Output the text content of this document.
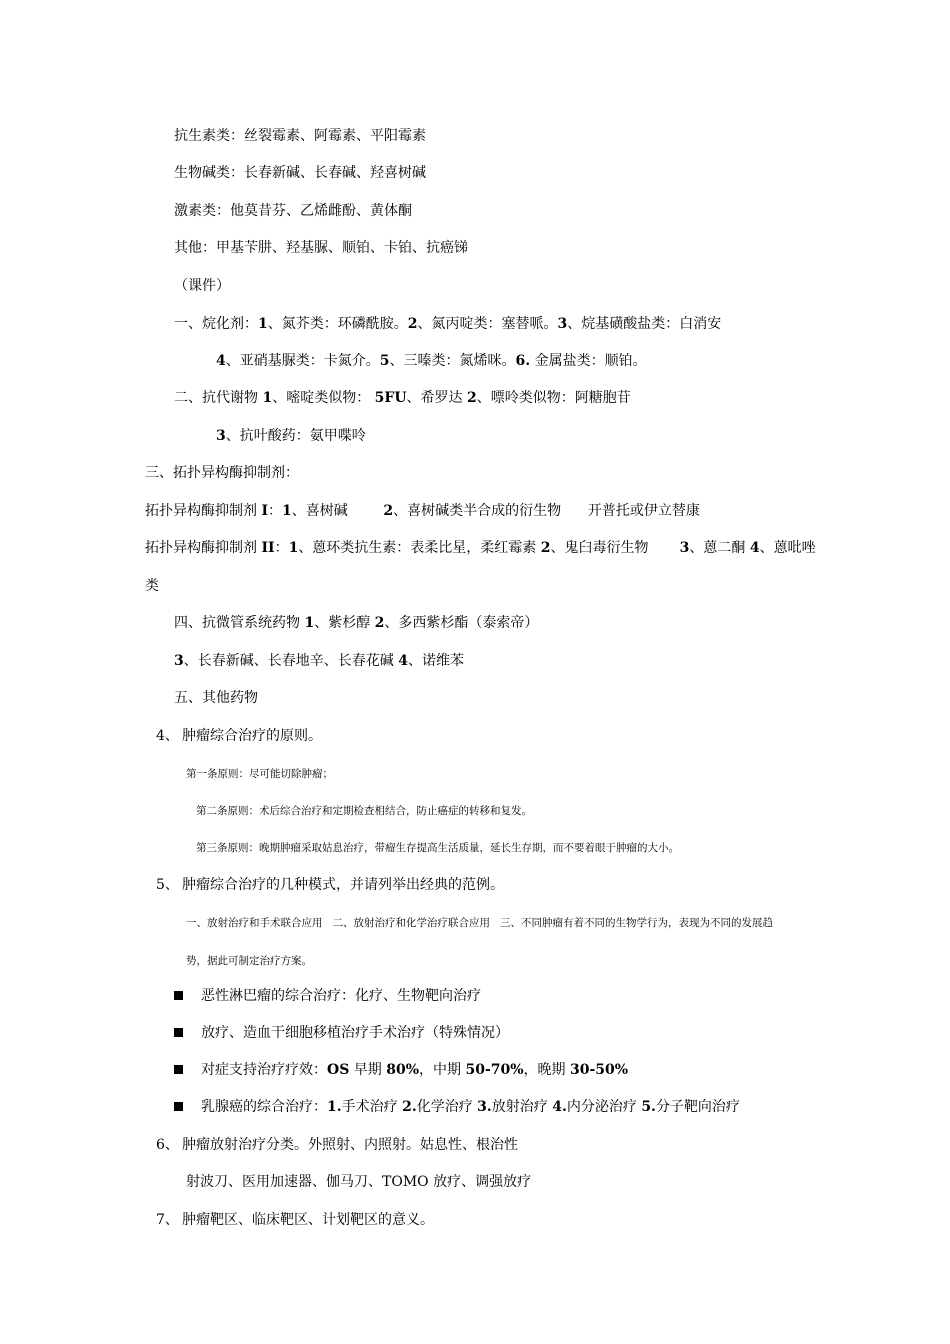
抗生素类：丝裂霉素、阿霉素、平阳霉素
生物碱类：长春新碱、长春碱、羟喜树碱
激素类：他莫昔芬、乙烯雌酚、黄体酮
其他：甲基苄肼、羟基脲、顺铂、卡铂、抗癌锑
（课件）
一、烷化剂：1、氮芥类：环磷酰胺。2、氮丙啶类：塞替哌。3、烷基磺酸盐类：白消安
4、亚硝基脲类：卡氮介。5、三嗪类：氮烯咪。6. 金属盐类：顺铂。
二、抗代谢物 1、嘧啶类似物： 5FU、希罗达 2、嘌呤类似物：阿糖胞苷
3、抗叶酸药：氨甲喋呤
三、拓扑异构酶抑制剂：
拓扑异构酶抑制剂 I：1、喜树碱        2、喜树碱类半合成的衍生物      开普托或伊立替康
拓扑异构酶抑制剂 II：1、蒽环类抗生素：表柔比星，柔红霉素 2、鬼臼毒衍生物       3、蒽二酮 4、蒽吡唑
类
四、抗微管系统药物 1、紫杉醇 2、多西紫杉酯（泰索帝）
3、长春新碱、长春地辛、长春花碱 4、诺维苯
五、其他药物
4、 肿瘤综合治疗的原则。
第一条原则：尽可能切除肿瘤；
第二条原则：术后综合治疗和定期检查相结合，防止癌症的转移和复发。
第三条原则：晚期肿瘤采取姑息治疗，带瘤生存提高生活质量，延长生存期，而不要着眼于肿瘤的大小。
5、 肿瘤综合治疗的几种模式，并请列举出经典的范例。
一、放射治疗和手术联合应用   二、放射治疗和化学治疗联合应用   三、不同肿瘤有着不同的生物学行为，表现为不同的发展趋
势，据此可制定治疗方案。
恶性淋巴瘤的综合治疗：化疗、生物靶向治疗
放疗、造血干细胞移植治疗手术治疗（特殊情况）
对症支持治疗疗效：OS 早期 80%，中期 50-70%，晚期 30-50%
乳腺癌的综合治疗：1.手术治疗 2.化学治疗 3.放射治疗 4.内分泌治疗 5.分子靶向治疗
6、 肿瘤放射治疗分类。外照射、内照射。姑息性、根治性
射波刀、医用加速器、伽马刀、TOMO 放疗、调强放疗
7、 肿瘤靶区、临床靶区、计划靶区的意义。
